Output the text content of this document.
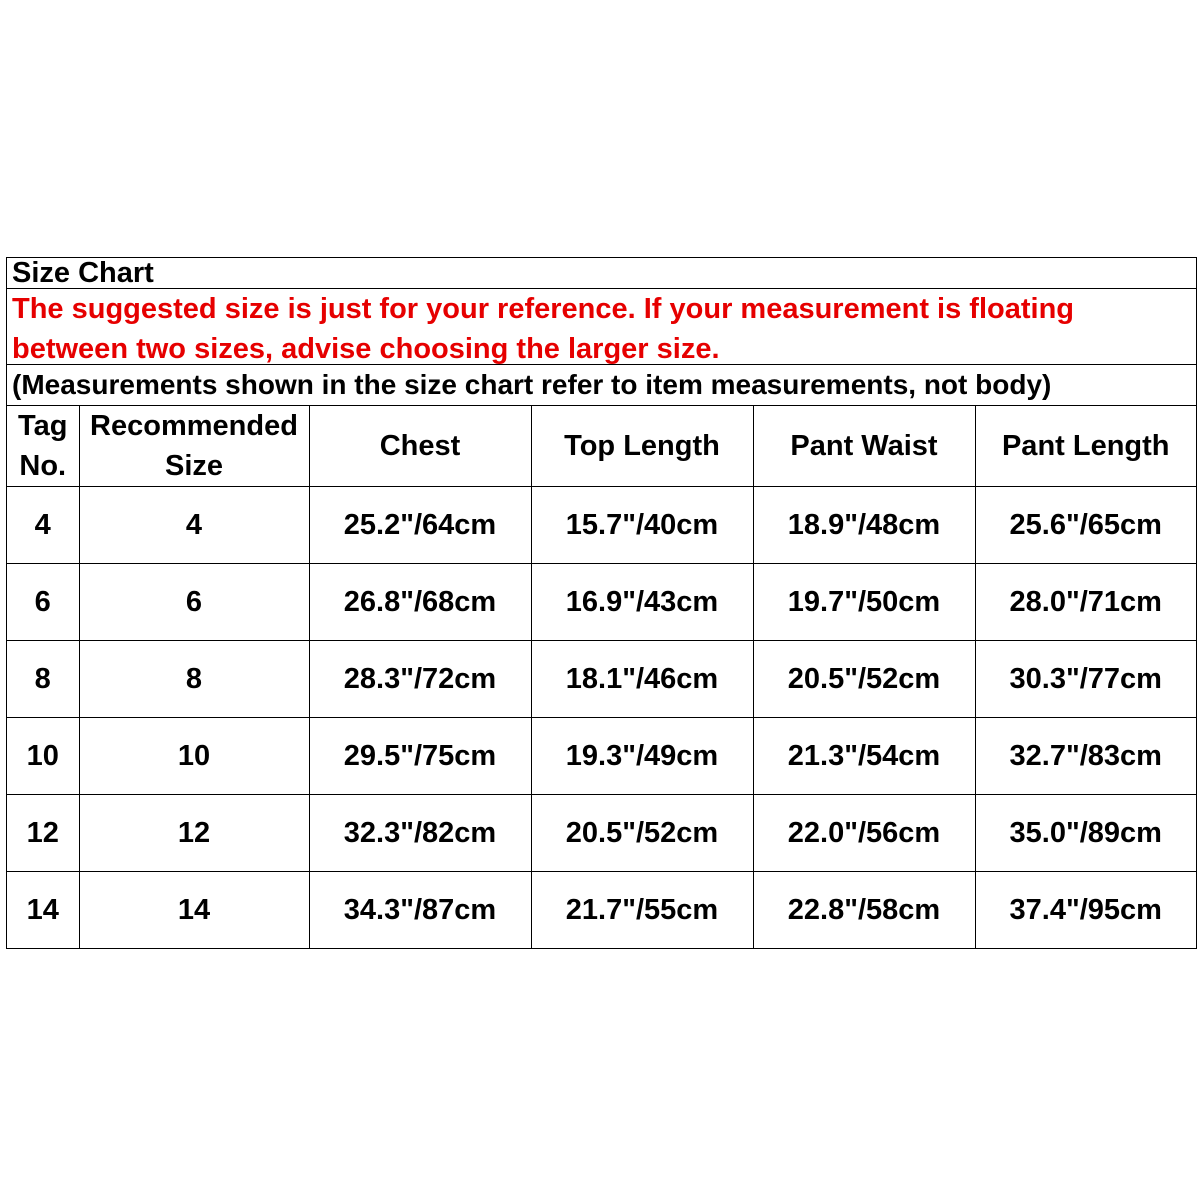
Size Chart
The suggested size is just for your reference. If your measurement is floating between two sizes, advise choosing the larger size.
(Measurements shown in the size chart refer to item measurements, not body)
Tag No.	Recommended Size	Chest	Top Length	Pant Waist	Pant Length
4	4	25.2"/64cm	15.7"/40cm	18.9"/48cm	25.6"/65cm
6	6	26.8"/68cm	16.9"/43cm	19.7"/50cm	28.0"/71cm
8	8	28.3"/72cm	18.1"/46cm	20.5"/52cm	30.3"/77cm
10	10	29.5"/75cm	19.3"/49cm	21.3"/54cm	32.7"/83cm
12	12	32.3"/82cm	20.5"/52cm	22.0"/56cm	35.0"/89cm
14	14	34.3"/87cm	21.7"/55cm	22.8"/58cm	37.4"/95cm
